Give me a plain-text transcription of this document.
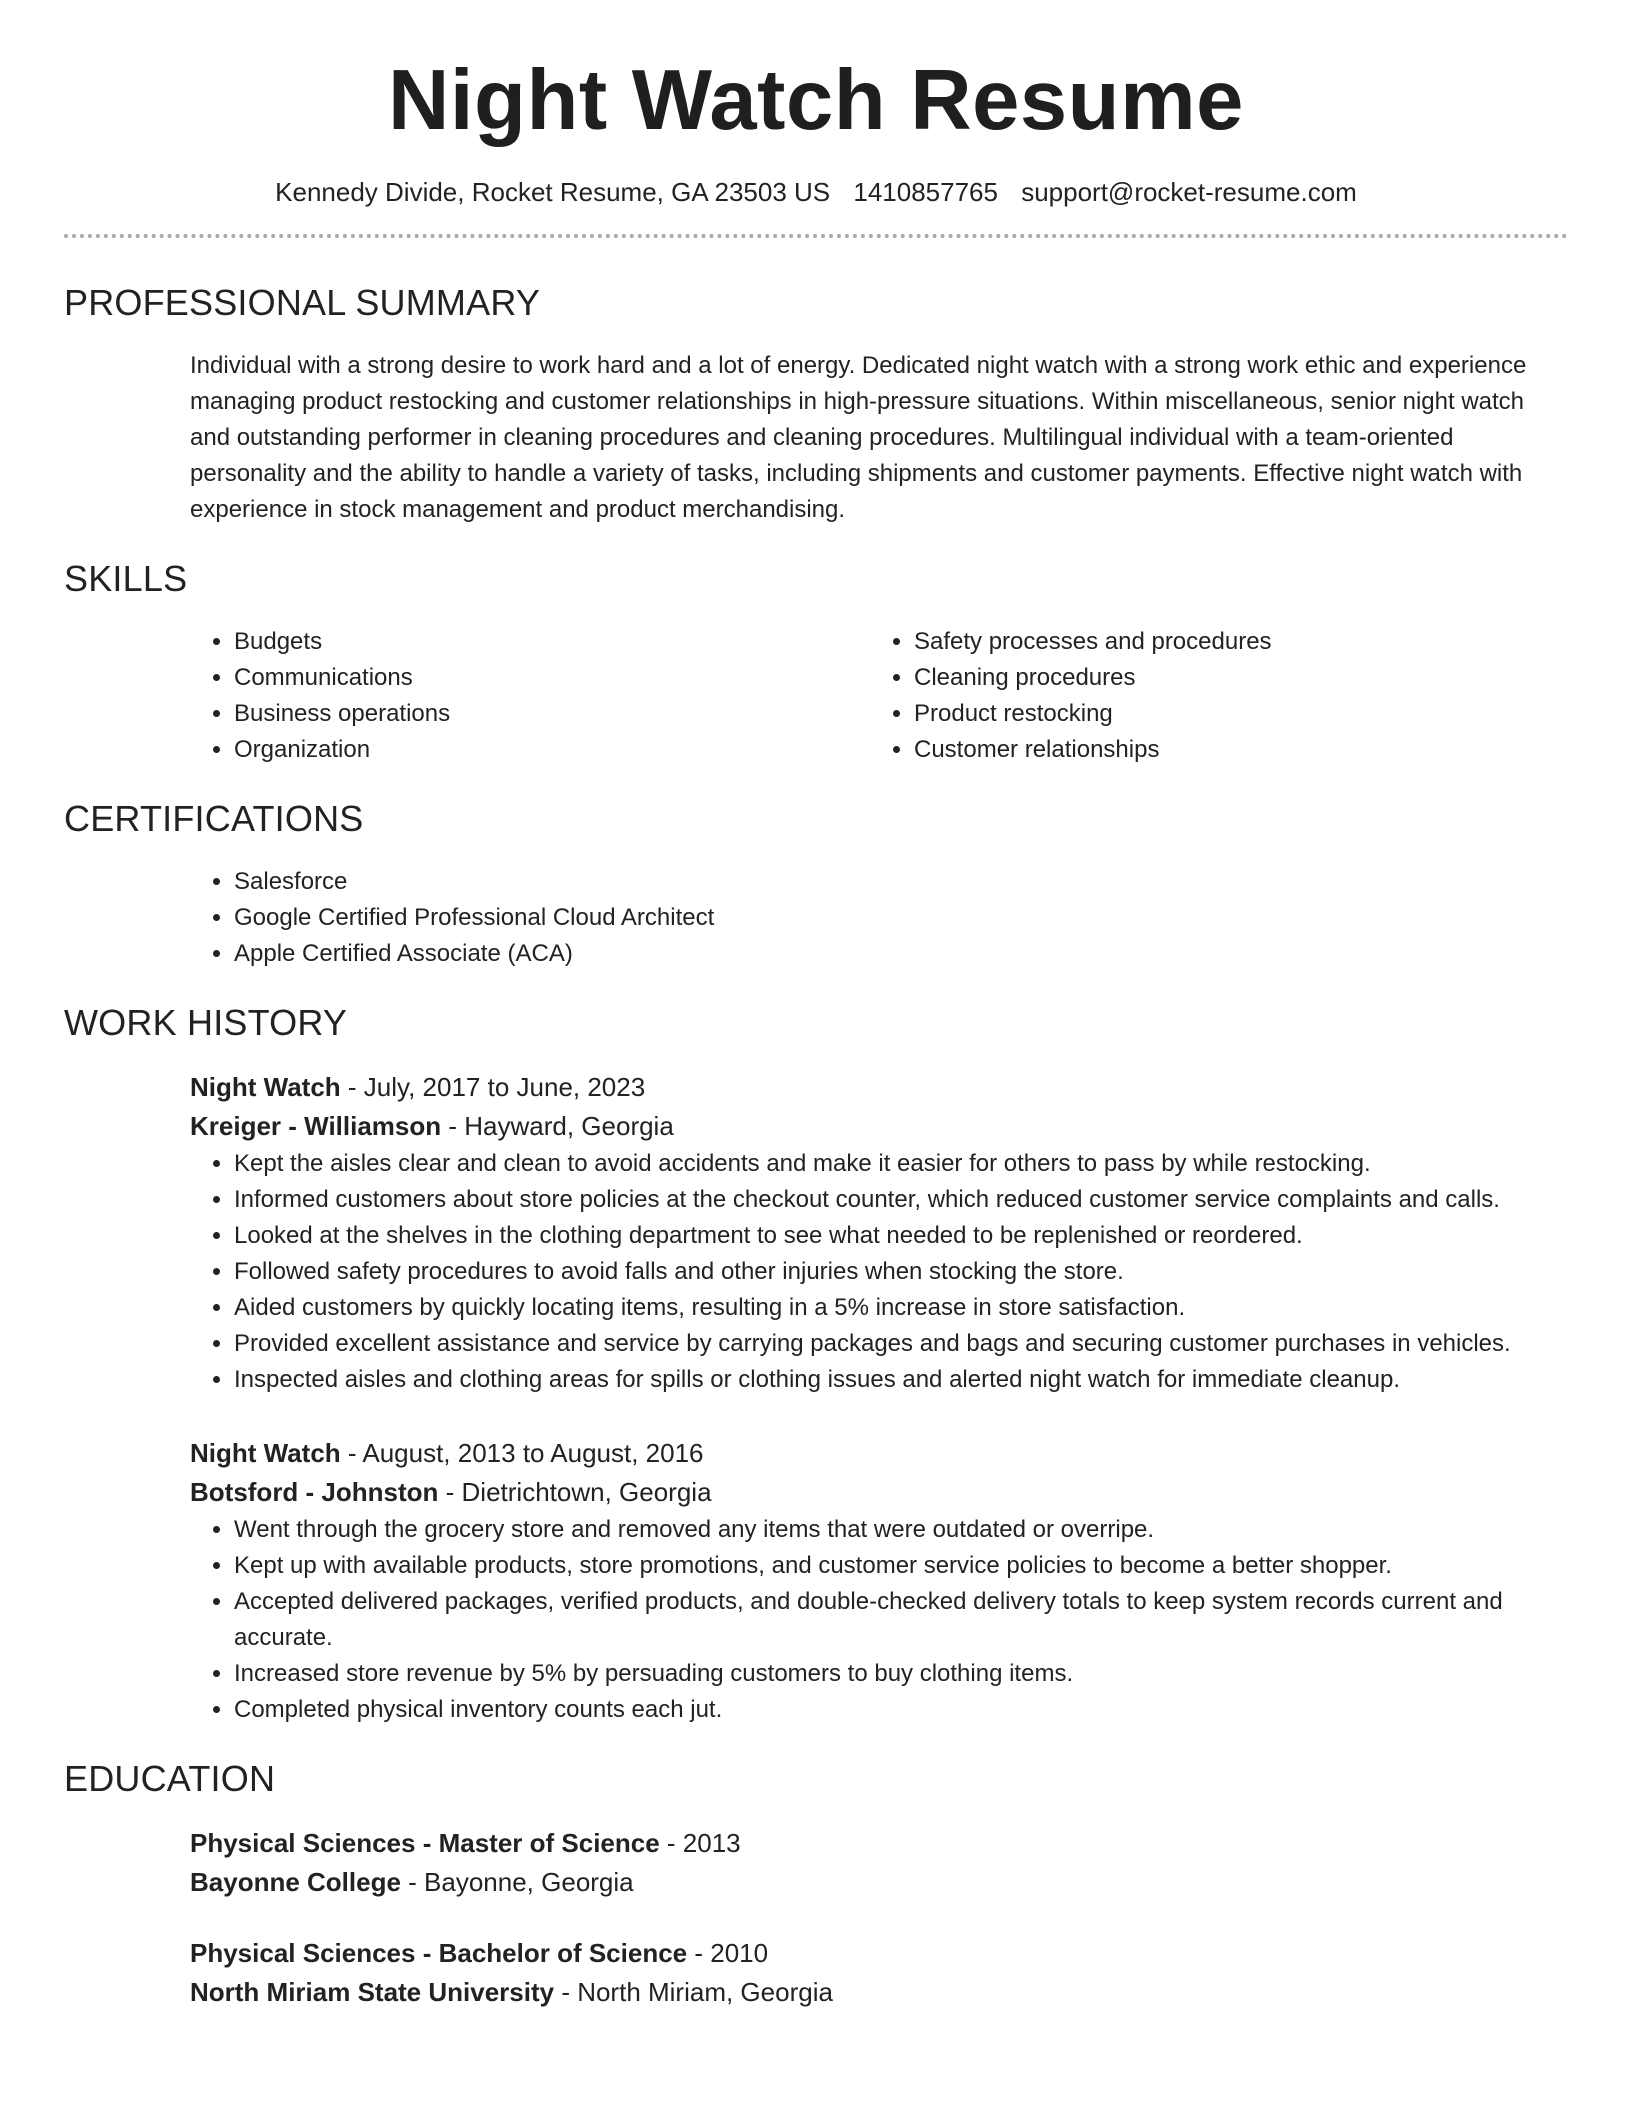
Night Watch Resume
Kennedy Divide, Rocket Resume, GA 23503 US 1410857765 support@rocket-resume.com
PROFESSIONAL SUMMARY

Individual with a strong desire to work hard and a lot of energy. Dedicated night watch with a strong work ethic and experience managing product restocking and customer relationships in high-pressure situations. Within miscellaneous, senior night watch and outstanding performer in cleaning procedures and cleaning procedures. Multilingual individual with a team-oriented personality and the ability to handle a variety of tasks, including shipments and customer payments. Effective night watch with experience in stock management and product merchandising.

SKILLS
• Budgets
• Communications
• Business operations
• Organization
• Safety processes and procedures
• Cleaning procedures
• Product restocking
• Customer relationships
CERTIFICATIONS
• Salesforce
• Google Certified Professional Cloud Architect
• Apple Certified Associate (ACA)
WORK HISTORY
Night Watch - July, 2017 to June, 2023
Kreiger - Williamson - Hayward, Georgia
• Kept the aisles clear and clean to avoid accidents and make it easier for others to pass by while restocking.
• Informed customers about store policies at the checkout counter, which reduced customer service complaints and calls.
• Looked at the shelves in the clothing department to see what needed to be replenished or reordered.
• Followed safety procedures to avoid falls and other injuries when stocking the store.
• Aided customers by quickly locating items, resulting in a 5% increase in store satisfaction.
• Provided excellent assistance and service by carrying packages and bags and securing customer purchases in vehicles.
• Inspected aisles and clothing areas for spills or clothing issues and alerted night watch for immediate cleanup.
Night Watch - August, 2013 to August, 2016
Botsford - Johnston - Dietrichtown, Georgia
• Went through the grocery store and removed any items that were outdated or overripe.
• Kept up with available products, store promotions, and customer service policies to become a better shopper.
• Accepted delivered packages, verified products, and double-checked delivery totals to keep system records current and accurate.
• Increased store revenue by 5% by persuading customers to buy clothing items.
• Completed physical inventory counts each jut.
EDUCATION
Physical Sciences - Master of Science - 2013
Bayonne College - Bayonne, Georgia
Physical Sciences - Bachelor of Science - 2010
North Miriam State University - North Miriam, Georgia
